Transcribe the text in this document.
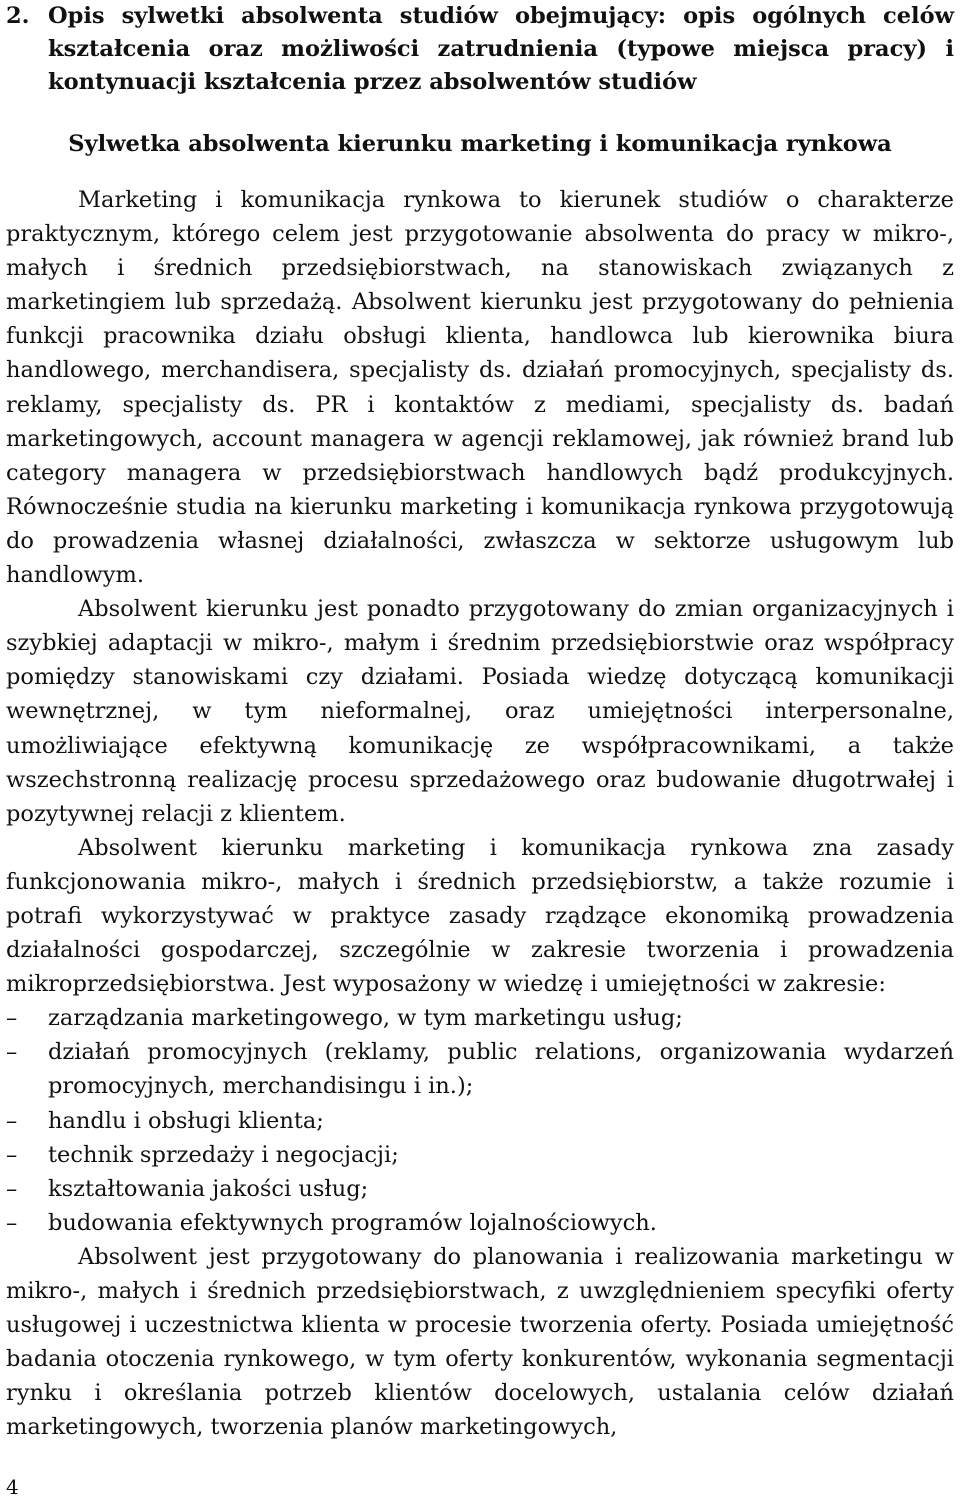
2. Opis sylwetki absolwenta studiów obejmujący: opis ogólnych celów kształcenia oraz możliwości zatrudnienia (typowe miejsca pracy) i kontynuacji kształcenia przez absolwentów studiów
Sylwetka absolwenta kierunku marketing i komunikacja rynkowa

Marketing i komunikacja rynkowa to kierunek studiów o charakterze praktycznym, którego celem jest przygotowanie absolwenta do pracy w mikro-, małych i średnich przedsiębiorstwach, na stanowiskach związanych z marketingiem lub sprzedażą. Absolwent kierunku jest przygotowany do pełnienia funkcji pracownika działu obsługi klienta, handlowca lub kierownika biura handlowego, merchandisera, specjalisty ds. działań promocyjnych, specjalisty ds. reklamy, specjalisty ds. PR i kontaktów z mediami, specjalisty ds. badań marketingowych, account managera w agencji reklamowej, jak również brand lub category managera w przedsiębiorstwach handlowych bądź produkcyjnych. Równocześnie studia na kierunku marketing i komunikacja rynkowa przygotowują do prowadzenia własnej działalności, zwłaszcza w sektorze usługowym lub handlowym.

Absolwent kierunku jest ponadto przygotowany do zmian organizacyjnych i szybkiej adaptacji w mikro-, małym i średnim przedsiębiorstwie oraz współpracy pomiędzy stanowiskami czy działami. Posiada wiedzę dotyczącą komunikacji wewnętrznej, w tym nieformalnej, oraz umiejętności interpersonalne, umożliwiające efektywną komunikację ze współpracownikami, a także wszechstronną realizację procesu sprzedażowego oraz budowanie długotrwałej i pozytywnej relacji z klientem.

Absolwent kierunku marketing i komunikacja rynkowa zna zasady funkcjonowania mikro-, małych i średnich przedsiębiorstw, a także rozumie i potrafi wykorzystywać w praktyce zasady rządzące ekonomiką prowadzenia działalności gospodarczej, szczególnie w zakresie tworzenia i prowadzenia mikroprzedsiębiorstwa. Jest wyposażony w wiedzę i umiejętności w zakresie:

–	zarządzania marketingowego, w tym marketingu usług;
–	działań promocyjnych (reklamy, public relations, organizowania wydarzeń promocyjnych, merchandisingu i in.);
–	handlu i obsługi klienta;
–	technik sprzedaży i negocjacji;
–	kształtowania jakości usług;
–	budowania efektywnych programów lojalnościowych.

Absolwent jest przygotowany do planowania i realizowania marketingu w mikro-, małych i średnich przedsiębiorstwach, z uwzględnieniem specyfiki oferty usługowej i uczestnictwa klienta w procesie tworzenia oferty. Posiada umiejętność badania otoczenia rynkowego, w tym oferty konkurentów, wykonania segmentacji rynku i określania potrzeb klientów docelowych, ustalania celów działań marketingowych, tworzenia planów marketingowych,

4
